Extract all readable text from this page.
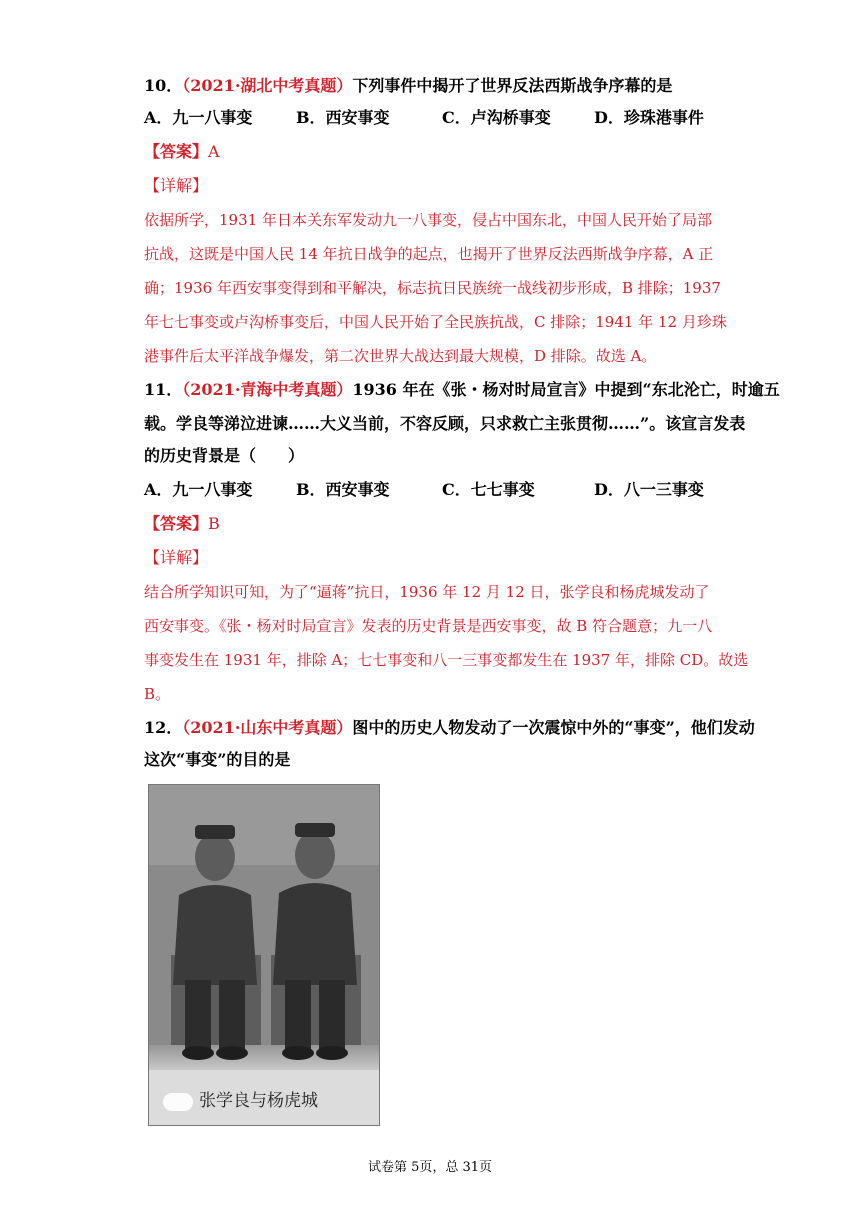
10．（2021·湖北中考真题）下列事件中揭开了世界反法西斯战争序幕的是
A．九一八事变	B．西安事变	C．卢沟桥事变	D．珍珠港事件
【答案】A
【详解】
依据所学，1931 年日本关东军发动九一八事变，侵占中国东北，中国人民开始了局部
抗战，这既是中国人民 14 年抗日战争的起点，也揭开了世界反法西斯战争序幕，A 正
确；1936 年西安事变得到和平解决，标志抗日民族统一战线初步形成，B 排除；1937
年七七事变或卢沟桥事变后，中国人民开始了全民族抗战，C 排除；1941 年 12 月珍珠
港事件后太平洋战争爆发，第二次世界大战达到最大规模，D 排除。故选 A。
11．（2021·青海中考真题）1936 年在《张・杨对时局宣言》中提到“东北沦亡，时逾五
载。学良等涕泣进谏……大义当前，不容反顾，只求救亡主张贯彻……”。该宣言发表
的历史背景是（　　）
A．九一八事变	B．西安事变	C．七七事变	D．八一三事变
【答案】B
【详解】
结合所学知识可知，为了“逼蒋”抗日，1936 年 12 月 12 日，张学良和杨虎城发动了
西安事变。《张・杨对时局宣言》发表的历史背景是西安事变，故 B 符合题意；九一八
事变发生在 1931 年，排除 A；七七事变和八一三事变都发生在 1937 年，排除 CD。故选
B。
12．（2021·山东中考真题）图中的历史人物发动了一次震惊中外的“事变”，他们发动
这次“事变”的目的是
张学良与杨虎城
试卷第 5页，总 31页
